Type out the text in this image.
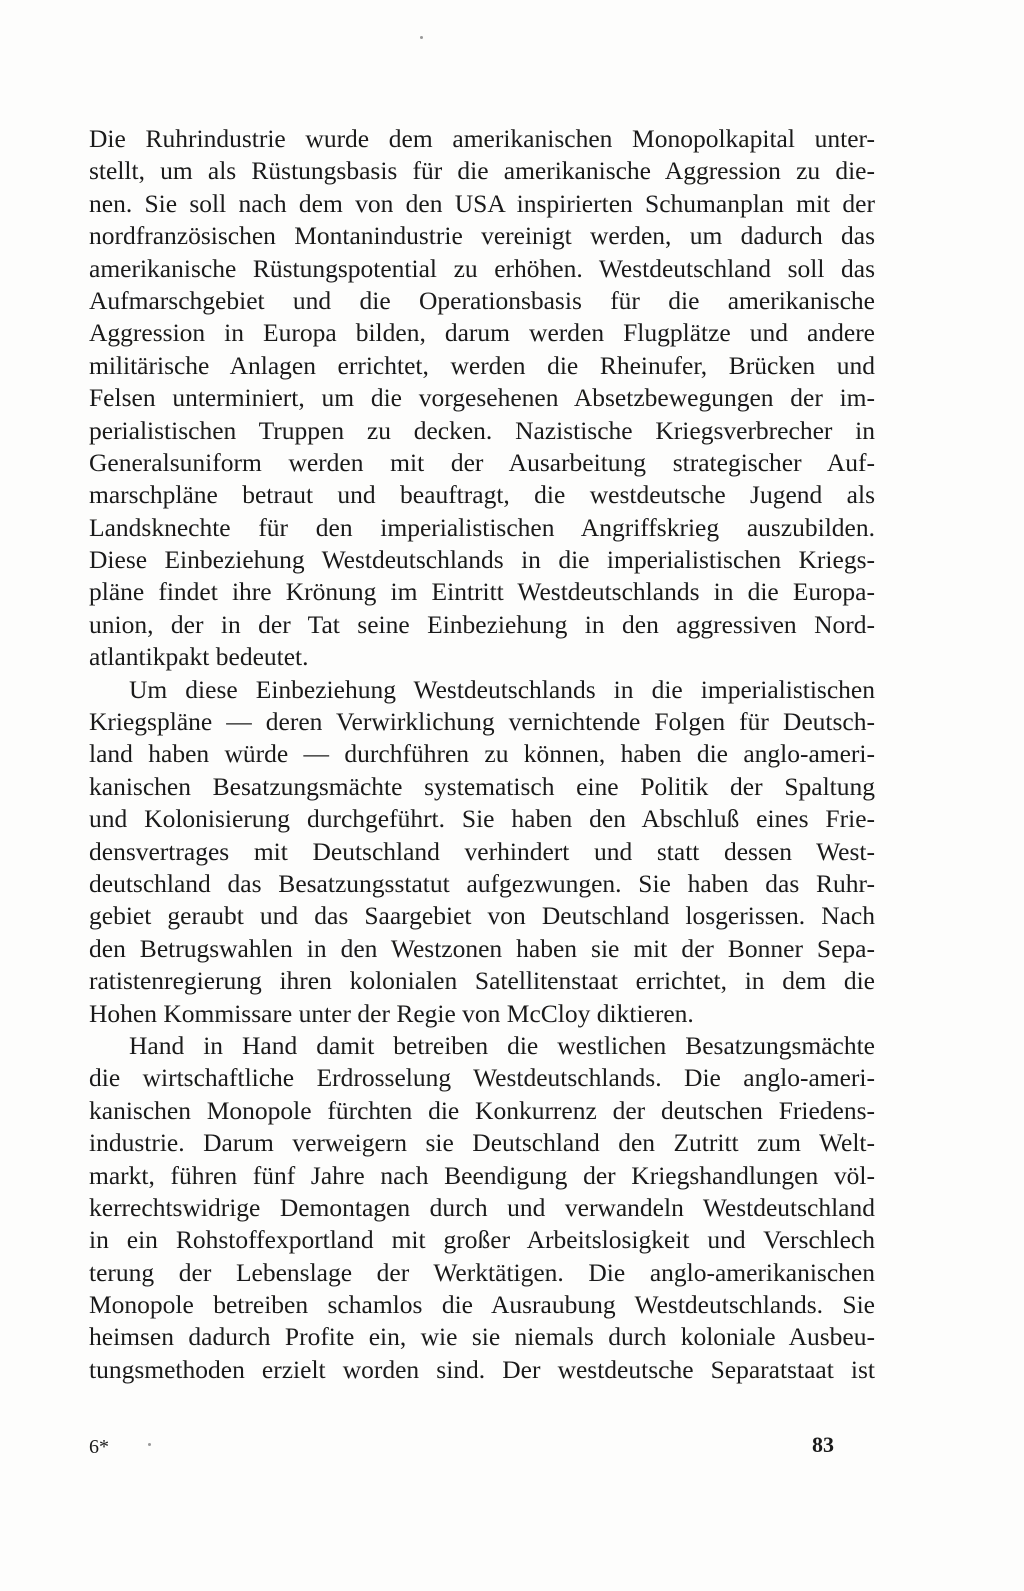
Die Ruhrindustrie wurde dem amerikanischen Monopolkapital unter-
stellt, um als Rüstungsbasis für die amerikanische Aggression zu die-
nen. Sie soll nach dem von den USA inspirierten Schumanplan mit der
nordfranzösischen Montanindustrie vereinigt werden, um dadurch das
amerikanische Rüstungspotential zu erhöhen. Westdeutschland soll das
Aufmarschgebiet und die Operationsbasis für die amerikanische
Aggression in Europa bilden, darum werden Flugplätze und andere
militärische Anlagen errichtet, werden die Rheinufer, Brücken und
Felsen unterminiert, um die vorgesehenen Absetzbewegungen der im-
perialistischen Truppen zu decken. Nazistische Kriegsverbrecher in
Generalsuniform werden mit der Ausarbeitung strategischer Auf-
marschpläne betraut und beauftragt, die westdeutsche Jugend als
Landsknechte für den imperialistischen Angriffskrieg auszubilden.
Diese Einbeziehung Westdeutschlands in die imperialistischen Kriegs-
pläne findet ihre Krönung im Eintritt Westdeutschlands in die Europa-
union, der in der Tat seine Einbeziehung in den aggressiven Nord-
atlantikpakt bedeutet.
Um diese Einbeziehung Westdeutschlands in die imperialistischen
Kriegspläne — deren Verwirklichung vernichtende Folgen für Deutsch-
land haben würde — durchführen zu können, haben die anglo-ameri-
kanischen Besatzungsmächte systematisch eine Politik der Spaltung
und Kolonisierung durchgeführt. Sie haben den Abschluß eines Frie-
densvertrages mit Deutschland verhindert und statt dessen West-
deutschland das Besatzungsstatut aufgezwungen. Sie haben das Ruhr-
gebiet geraubt und das Saargebiet von Deutschland losgerissen. Nach
den Betrugswahlen in den Westzonen haben sie mit der Bonner Sepa-
ratistenregierung ihren kolonialen Satellitenstaat errichtet, in dem die
Hohen Kommissare unter der Regie von McCloy diktieren.
Hand in Hand damit betreiben die westlichen Besatzungsmächte
die wirtschaftliche Erdrosselung Westdeutschlands. Die anglo-ameri-
kanischen Monopole fürchten die Konkurrenz der deutschen Friedens-
industrie. Darum verweigern sie Deutschland den Zutritt zum Welt-
markt, führen fünf Jahre nach Beendigung der Kriegshandlungen völ-
kerrechtswidrige Demontagen durch und verwandeln Westdeutschland
in ein Rohstoffexportland mit großer Arbeitslosigkeit und Verschlech
terung der Lebenslage der Werktätigen. Die anglo-amerikanischen
Monopole betreiben schamlos die Ausraubung Westdeutschlands. Sie
heimsen dadurch Profite ein, wie sie niemals durch koloniale Ausbeu-
tungsmethoden erzielt worden sind. Der westdeutsche Separatstaat ist
6*	83
